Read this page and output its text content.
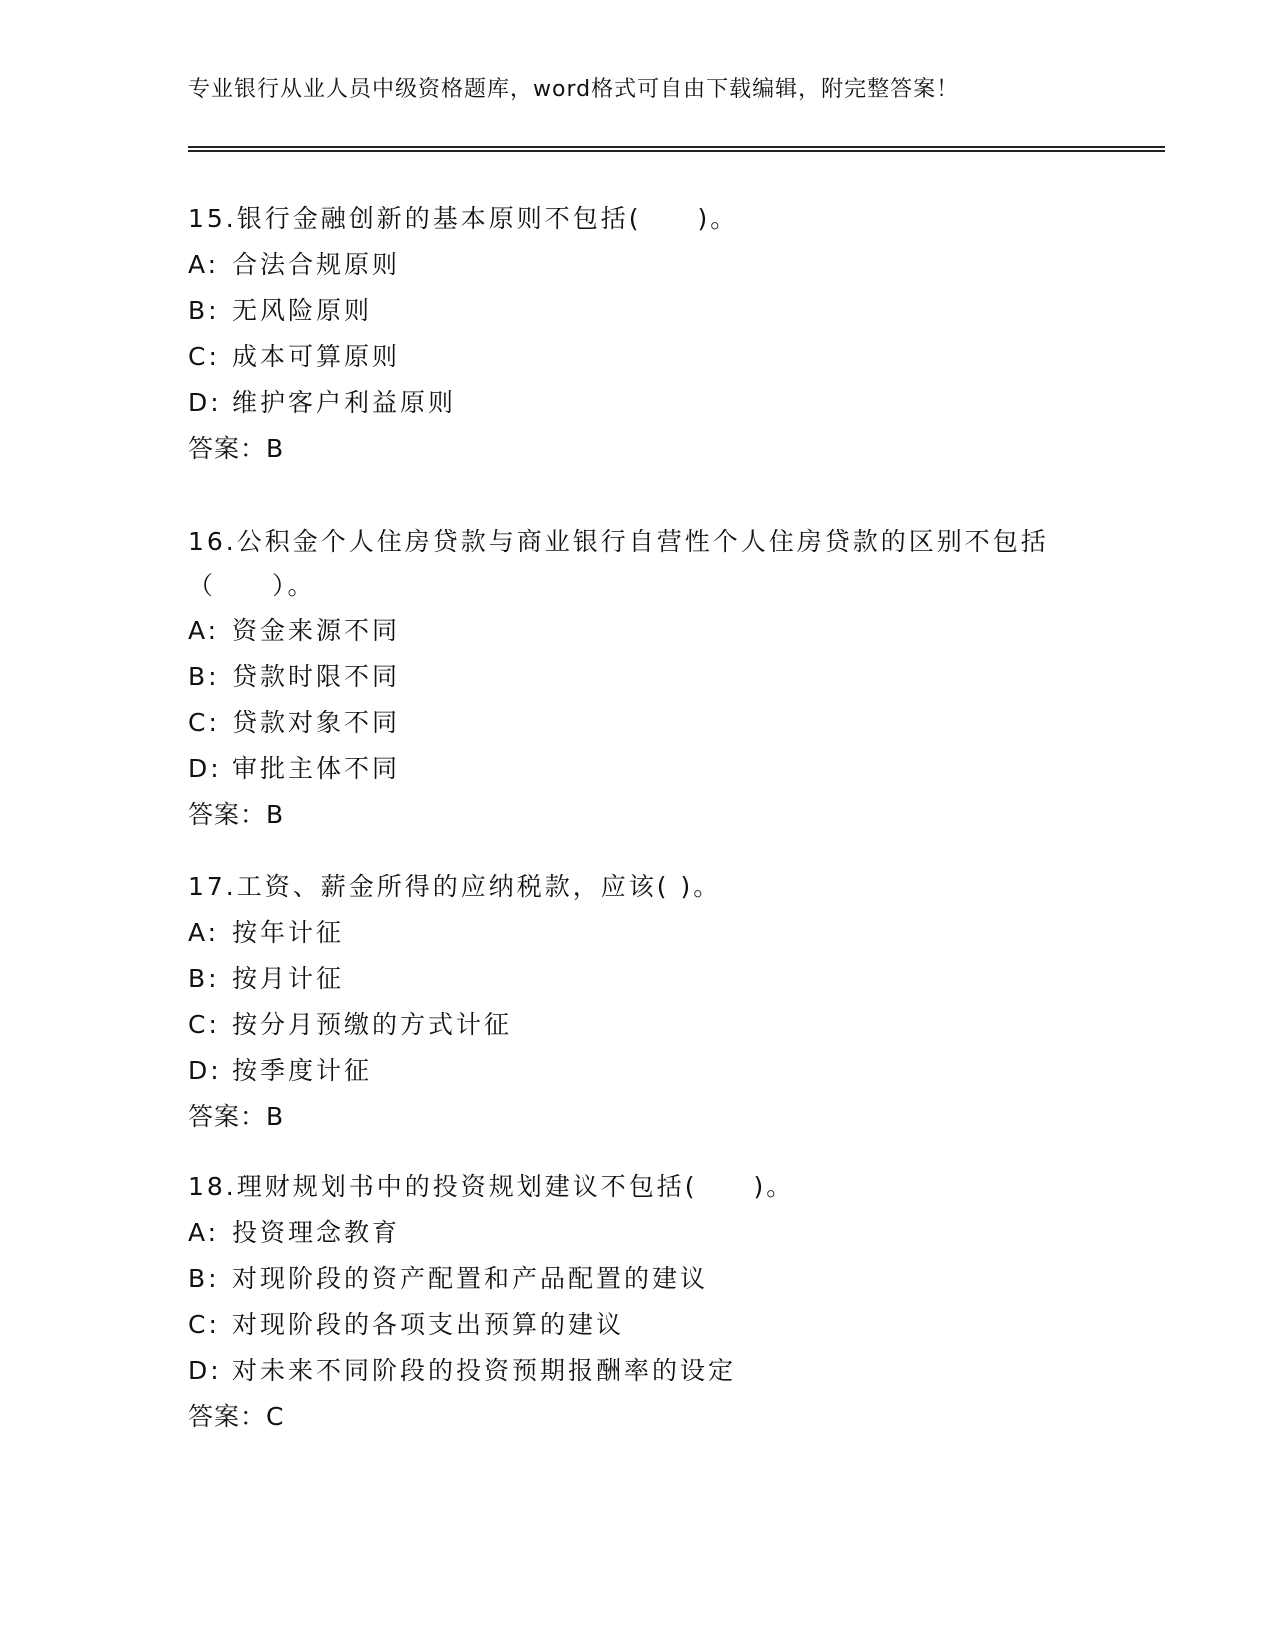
专业银行从业人员中级资格题库，word格式可自由下载编辑，附完整答案！
15.银行金融创新的基本原则不包括(　　)。
A: 合法合规原则
B: 无风险原则
C: 成本可算原则
D: 维护客户利益原则
答案：B
16.公积金个人住房贷款与商业银行自营性个人住房贷款的区别不包括（　　）。
A: 资金来源不同
B: 贷款时限不同
C: 贷款对象不同
D: 审批主体不同
答案：B
17.工资、薪金所得的应纳税款，应该( )。
A: 按年计征
B: 按月计征
C: 按分月预缴的方式计征
D: 按季度计征
答案：B
18.理财规划书中的投资规划建议不包括(　　)。
A: 投资理念教育
B: 对现阶段的资产配置和产品配置的建议
C: 对现阶段的各项支出预算的建议
D: 对未来不同阶段的投资预期报酬率的设定
答案：C
